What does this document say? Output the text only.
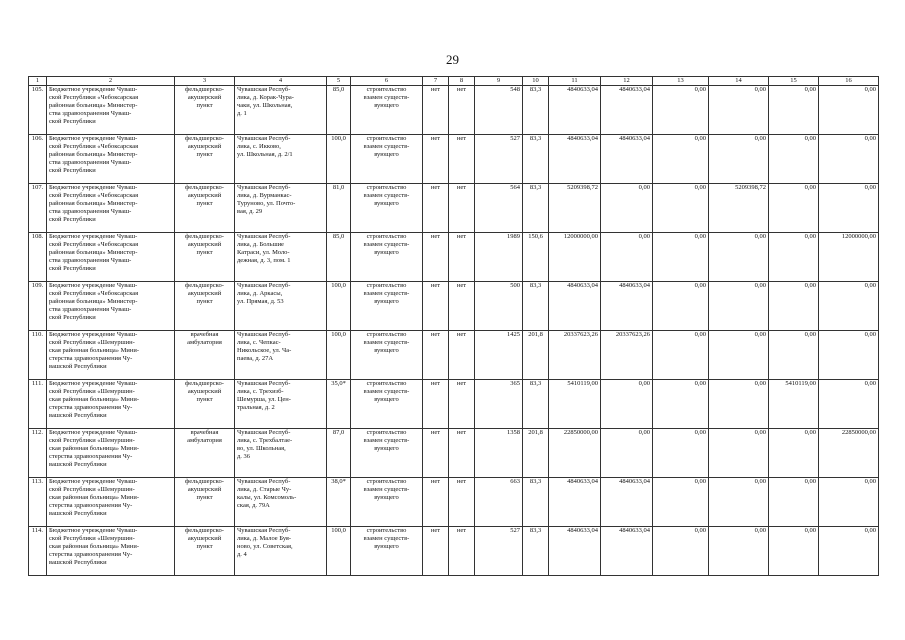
29
1	2	3	4	5	6	7	8	9	10	11	12	13	14	15	16
105.	Бюджетное учреждение Чуваш-
ской Республики «Чебоксарская
районная больница» Министер-
ства здравоохранения Чуваш-
ской Республики	фельдшерско-
акушерский
пункт	Чувашская Респуб-
лика, д. Корак-Чура-
чаки, ул. Школьная,
д. 1	85,0	строительство
взамен существ-
вующего	нет	нет	548	83,3	4840633,04	4840633,04	0,00	0,00	0,00	0,00
106.	Бюджетное учреждение Чуваш-
ской Республики «Чебоксарская
районная больница» Министер-
ства здравоохранения Чуваш-
ской Республики	фельдшерско-
акушерский
пункт	Чувашская Респуб-
лика, с. Икково,
ул. Школьная, д. 2/1	100,0	строительство
взамен существ-
вующего	нет	нет	527	83,3	4840633,04	4840633,04	0,00	0,00	0,00	0,00
107.	Бюджетное учреждение Чуваш-
ской Республики «Чебоксарская
районная больница» Министер-
ства здравоохранения Чуваш-
ской Республики	фельдшерско-
акушерский
пункт	Чувашская Респуб-
лика, д. Вурманкас-
Туруново, ул. Почто-
вая, д. 29	81,0	строительство
взамен существ-
вующего	нет	нет	564	83,3	5209398,72	0,00	0,00	5209398,72	0,00	0,00
108.	Бюджетное учреждение Чуваш-
ской Республики «Чебоксарская
районная больница» Министер-
ства здравоохранения Чуваш-
ской Республики	фельдшерско-
акушерский
пункт	Чувашская Респуб-
лика, д. Большие
Катраси, ул. Моло-
дежная, д. 3, пом. 1	85,0	строительство
взамен существ-
вующего	нет	нет	1989	150,6	12000000,00	0,00	0,00	0,00	0,00	12000000,00
109.	Бюджетное учреждение Чуваш-
ской Республики «Чебоксарская
районная больница» Министер-
ства здравоохранения Чуваш-
ской Республики	фельдшерско-
акушерский
пункт	Чувашская Респуб-
лика, д. Аркасы,
ул. Прямая, д. 53	100,0	строительство
взамен существ-
вующего	нет	нет	500	83,3	4840633,04	4840633,04	0,00	0,00	0,00	0,00
110.	Бюджетное учреждение Чуваш-
ской Республики «Шемуршин-
ская районная больница» Мини-
стерства здравоохранения Чу-
вашской Республики	врачебная
амбулатория	Чувашская Респуб-
лика, с. Чепкас-
Никольское, ул. Ча-
паева, д. 27А	100,0	строительство
взамен существ-
вующего	нет	нет	1425	201,8	20337623,26	20337623,26	0,00	0,00	0,00	0,00
111.	Бюджетное учреждение Чуваш-
ской Республики «Шемуршин-
ская районная больница» Мини-
стерства здравоохранения Чу-
вашской Республики	фельдшерско-
акушерский
пункт	Чувашская Респуб-
лика, с. Трехизб-
Шемурша, ул. Цен-
тральная, д. 2	35,0*	строительство
взамен существ-
вующего	нет	нет	365	83,3	5410119,00	0,00	0,00	0,00	5410119,00	0,00
112.	Бюджетное учреждение Чуваш-
ской Республики «Шемуршин-
ская районная больница» Мини-
стерства здравоохранения Чу-
вашской Республики	врачебная
амбулатория	Чувашская Респуб-
лика, с. Трехбалтае-
во, ул. Школьная,
д. 36	87,0	строительство
взамен существ-
вующего	нет	нет	1358	201,8	22850000,00	0,00	0,00	0,00	0,00	22850000,00
113.	Бюджетное учреждение Чуваш-
ской Республики «Шемуршин-
ская районная больница» Мини-
стерства здравоохранения Чу-
вашской Республики	фельдшерско-
акушерский
пункт	Чувашская Респуб-
лика, д. Старые Чу-
калы, ул. Комсомоль-
ская, д. 79А	38,0*	строительство
взамен существ-
вующего	нет	нет	663	83,3	4840633,04	4840633,04	0,00	0,00	0,00	0,00
114.	Бюджетное учреждение Чуваш-
ской Республики «Шемуршин-
ская районная больница» Мини-
стерства здравоохранения Чу-
вашской Республики	фельдшерско-
акушерский
пункт	Чувашская Респуб-
лика, д. Малое Буя-
ново, ул. Советская,
д. 4	100,0	строительство
взамен существ-
вующего	нет	нет	527	83,3	4840633,04	4840633,04	0,00	0,00	0,00	0,00
